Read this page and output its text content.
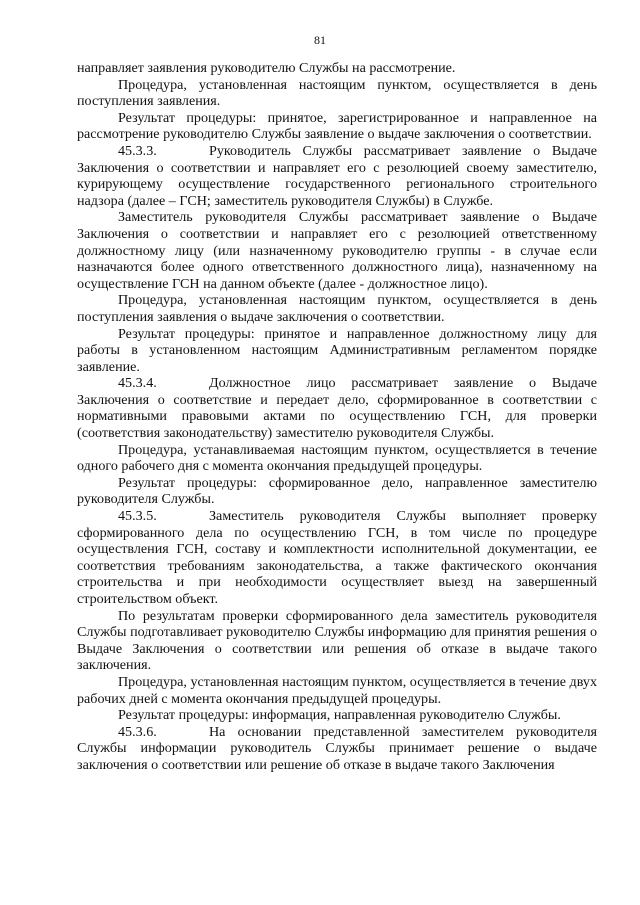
81

направляет заявления руководителю Службы на рассмотрение.

Процедура, установленная настоящим пунктом, осуществляется в день поступления заявления.

Результат процедуры: принятое, зарегистрированное и направленное на рассмотрение руководителю Службы заявление о выдаче заключения о соответствии.

45.3.3.	Руководитель Службы рассматривает заявление о Выдаче Заключения о соответствии и направляет его с резолюцией своему заместителю, курирующему осуществление государственного регионального строительного надзора (далее – ГСН; заместитель руководителя Службы) в Службе.

Заместитель руководителя Службы рассматривает заявление о Выдаче Заключения о соответствии и направляет его с резолюцией ответственному должностному лицу (или назначенному руководителю группы - в случае если назначаются более одного ответственного должностного лица), назначенному на осуществление ГСН на данном объекте (далее - должностное лицо).

Процедура, установленная настоящим пунктом, осуществляется в день поступления заявления о выдаче заключения о соответствии.

Результат процедуры: принятое и направленное должностному лицу для работы в установленном настоящим Административным регламентом порядке заявление.

45.3.4.	Должностное лицо рассматривает заявление о Выдаче Заключения о соответствие и передает дело, сформированное в соответствии с нормативными правовыми актами по осуществлению ГСН, для проверки (соответствия законодательству) заместителю руководителя Службы.

Процедура, устанавливаемая настоящим пунктом, осуществляется в течение одного рабочего дня с момента окончания предыдущей процедуры.

Результат процедуры: сформированное дело, направленное заместителю руководителя Службы.

45.3.5.	Заместитель руководителя Службы выполняет проверку сформированного дела по осуществлению ГСН, в том числе по процедуре осуществления ГСН, составу и комплектности исполнительной документации, ее соответствия требованиям законодательства, а также фактического окончания строительства и при необходимости осуществляет выезд на завершенный строительством объект.

По результатам проверки сформированного дела заместитель руководителя Службы подготавливает руководителю Службы информацию для принятия решения о Выдаче Заключения о соответствии или решения об отказе в выдаче такого заключения.

Процедура, установленная настоящим пунктом, осуществляется в течение двух рабочих дней с момента окончания предыдущей процедуры.

Результат процедуры: информация, направленная руководителю Службы.

45.3.6.	На основании представленной заместителем руководителя Службы информации руководитель Службы принимает решение о выдаче заключения о соответствии или решение об отказе в выдаче такого Заключения
